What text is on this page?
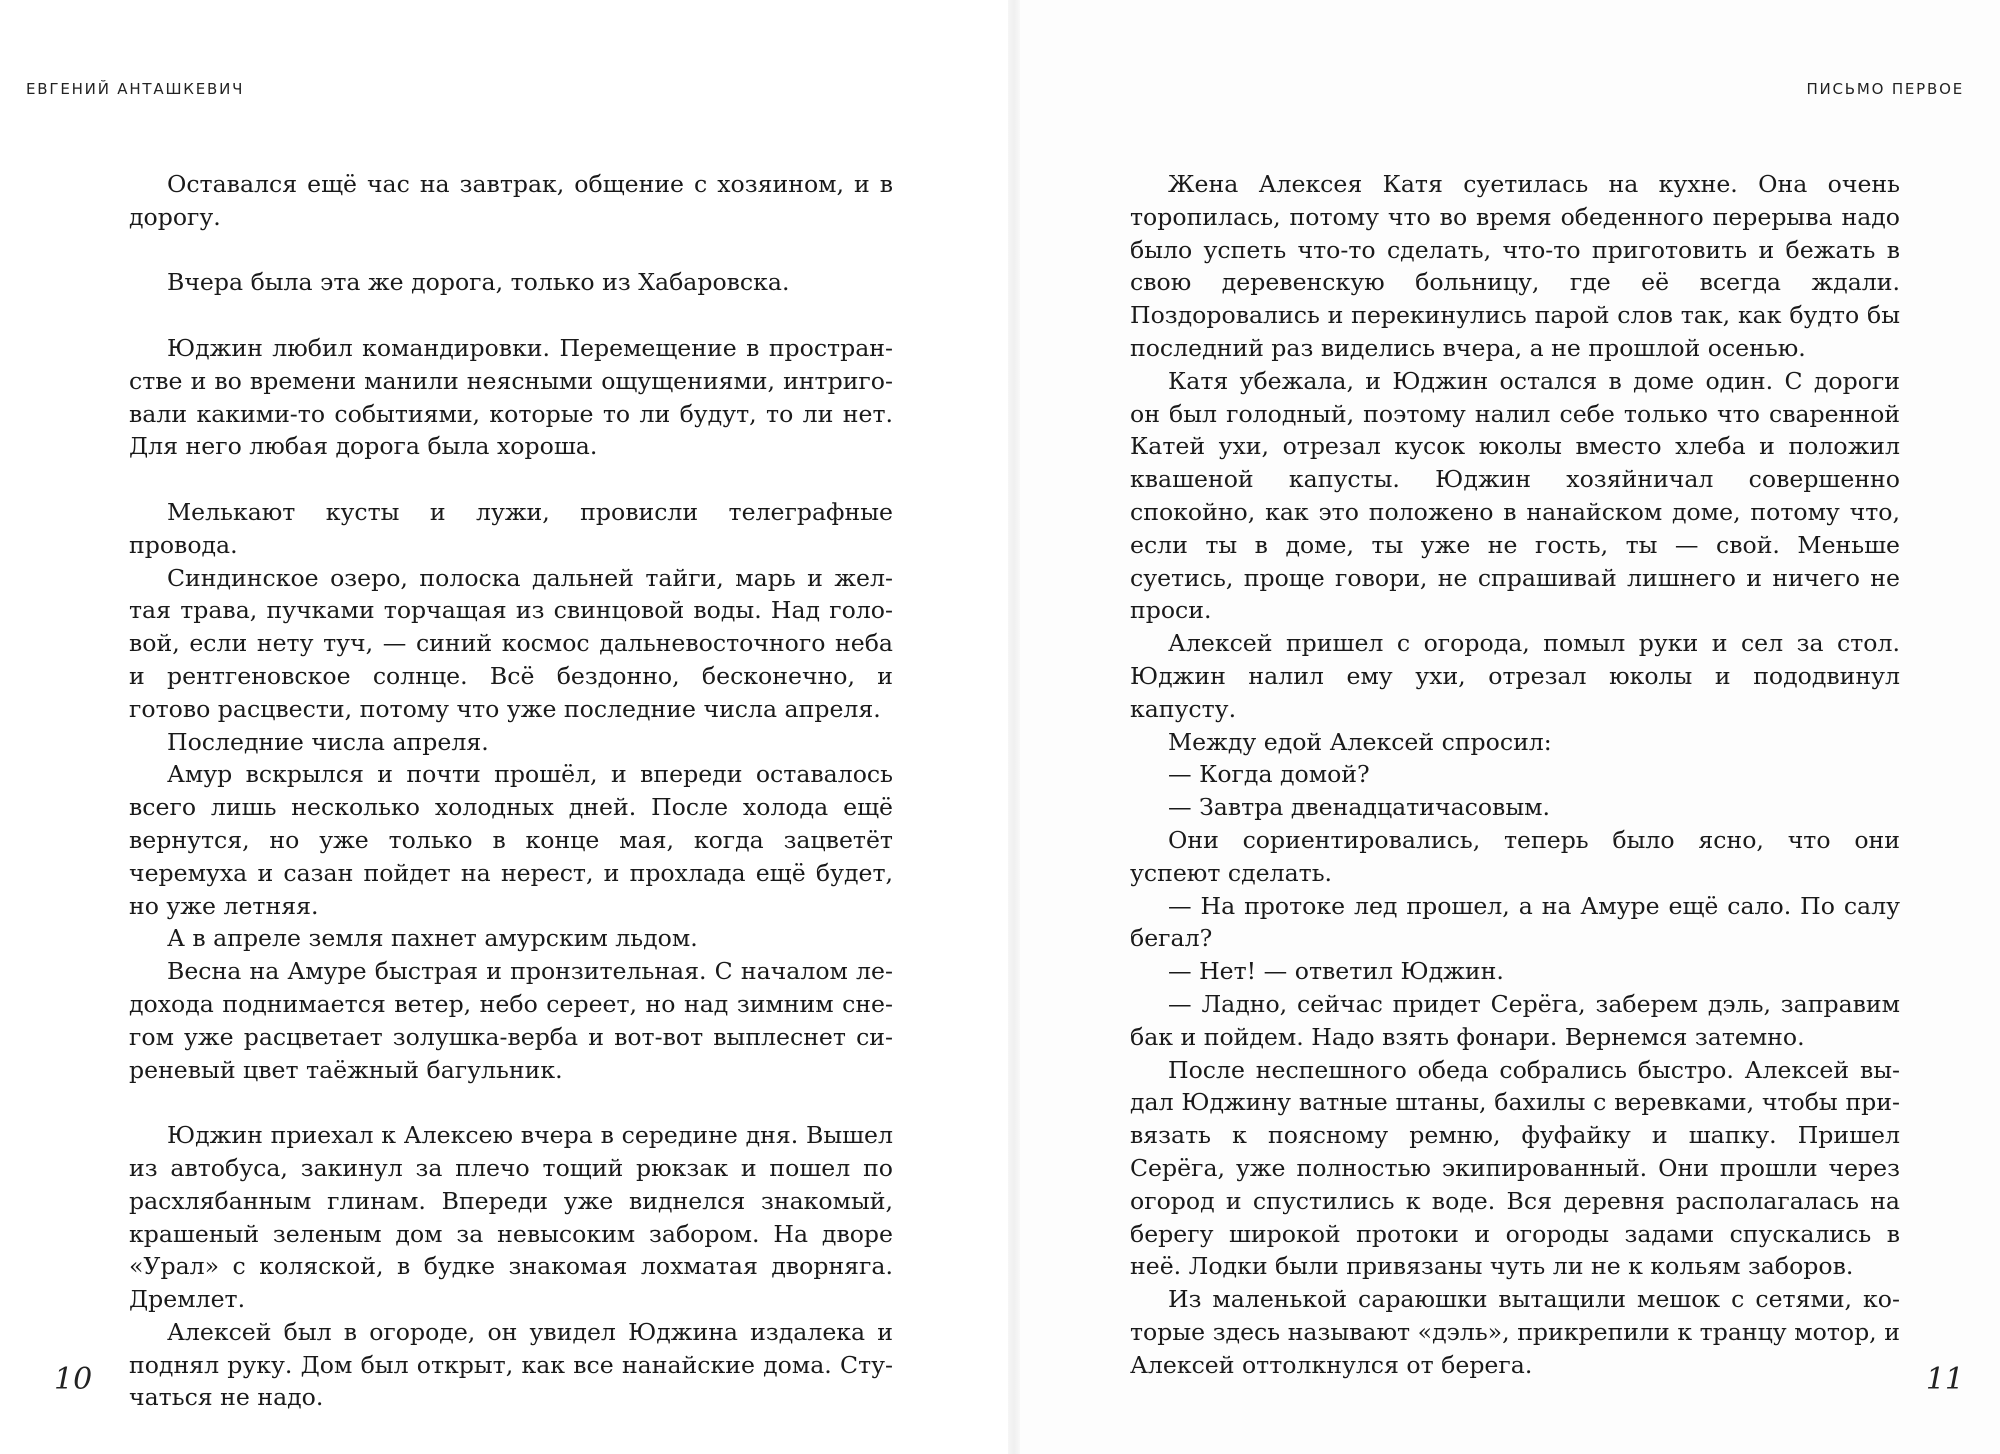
ЕВГЕНИЙ АНТАШКЕВИЧ

Оставался ещё час на завтрак, общение с хозяином, и в дорогу.

Вчера была эта же дорога, только из Хабаровска.

Юджин любил командировки. Перемещение в пространстве и во времени манили неясными ощущениями, интриговали какими-то событиями, которые то ли будут, то ли нет. Для него любая дорога была хороша.

Мелькают кусты и лужи, провисли телеграфные провода.

Синдинское озеро, полоска дальней тайги, марь и желтая трава, пучками торчащая из свинцовой воды. Над головой, если нету туч, — синий космос дальневосточного неба и рентгеновское солнце. Всё бездонно, бесконечно, и готово расцвести, потому что уже последние числа апреля.

Последние числа апреля.

Амур вскрылся и почти прошёл, и впереди оставалось всего лишь несколько холодных дней. После холода ещё вернутся, но уже только в конце мая, когда зацветёт черемуха и сазан пойдет на нерест, и прохлада ещё будет, но уже летняя.

А в апреле земля пахнет амурским льдом.

Весна на Амуре быстрая и пронзительная. С началом ледохода поднимается ветер, небо сереет, но над зимним снегом уже расцветает золушка-верба и вот-вот выплеснет сиреневый цвет таёжный багульник.

Юджин приехал к Алексею вчера в середине дня. Вышел из автобуса, закинул за плечо тощий рюкзак и пошел по расхлябанным глинам. Впереди уже виднелся знакомый, крашеный зеленым дом за невысоким забором. На дворе «Урал» с коляской, в будке знакомая лохматая дворняга. Дремлет.

Алексей был в огороде, он увидел Юджина издалека и поднял руку. Дом был открыт, как все нанайские дома. Стучаться не надо.

10
ПИСЬМО ПЕРВОЕ

Жена Алексея Катя суетилась на кухне. Она очень торопилась, потому что во время обеденного перерыва надо было успеть что-то сделать, что-то приготовить и бежать в свою деревенскую больницу, где её всегда ждали. Поздоровались и перекинулись парой слов так, как будто бы последний раз виделись вчера, а не прошлой осенью.

Катя убежала, и Юджин остался в доме один. С дороги он был голодный, поэтому налил себе только что сваренной Катей ухи, отрезал кусок юколы вместо хлеба и положил квашеной капусты. Юджин хозяйничал совершенно спокойно, как это положено в нанайском доме, потому что, если ты в доме, ты уже не гость, ты — свой. Меньше суетись, проще говори, не спрашивай лишнего и ничего не проси.

Алексей пришел с огорода, помыл руки и сел за стол. Юджин налил ему ухи, отрезал юколы и пододвинул капусту.

Между едой Алексей спросил:

— Когда домой?

— Завтра двенадцатичасовым.

Они сориентировались, теперь было ясно, что они успеют сделать.

— На протоке лед прошел, а на Амуре ещё сало. По салу бегал?

— Нет! — ответил Юджин.

— Ладно, сейчас придет Серёга, заберем дэль, заправим бак и пойдем. Надо взять фонари. Вернемся затемно.

После неспешного обеда собрались быстро. Алексей выдал Юджину ватные штаны, бахилы с веревками, чтобы привязать к поясному ремню, фуфайку и шапку. Пришел Серёга, уже полностью экипированный. Они прошли через огород и спустились к воде. Вся деревня располагалась на берегу широкой протоки и огороды задами спускались в неё. Лодки были привязаны чуть ли не к кольям заборов.

Из маленькой сараюшки вытащили мешок с сетями, которые здесь называют «дэль», прикрепили к транцу мотор, и Алексей оттолкнулся от берега.	11
